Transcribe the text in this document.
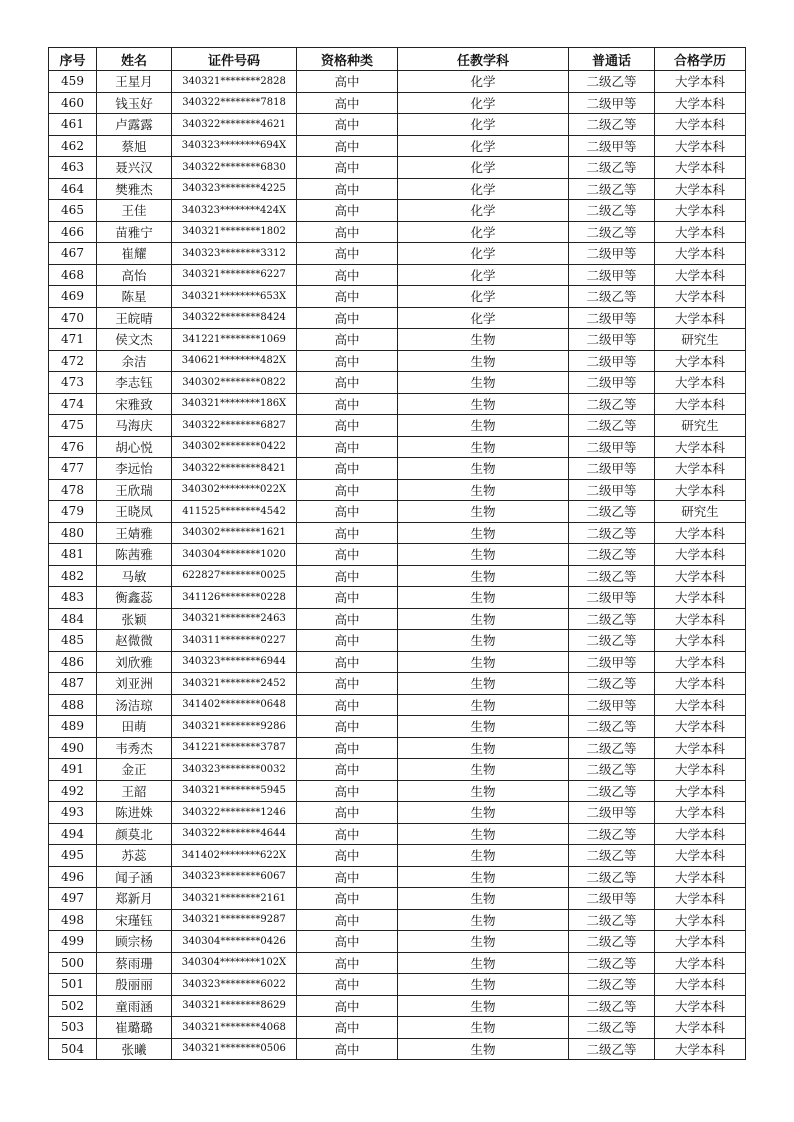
序号	姓名	证件号码	资格种类	任教学科	普通话	合格学历
459	王星月	340321********2828	高中	化学	二级乙等	大学本科
460	钱玉好	340322********7818	高中	化学	二级甲等	大学本科
461	卢露露	340322********4621	高中	化学	二级乙等	大学本科
462	蔡旭	340323********694X	高中	化学	二级甲等	大学本科
463	聂兴汉	340322********6830	高中	化学	二级乙等	大学本科
464	樊雅杰	340323********4225	高中	化学	二级乙等	大学本科
465	王佳	340323********424X	高中	化学	二级乙等	大学本科
466	苗雅宁	340321********1802	高中	化学	二级乙等	大学本科
467	崔耀	340323********3312	高中	化学	二级甲等	大学本科
468	高怡	340321********6227	高中	化学	二级甲等	大学本科
469	陈星	340321********653X	高中	化学	二级乙等	大学本科
470	王皖晴	340322********8424	高中	化学	二级甲等	大学本科
471	侯文杰	341221********1069	高中	生物	二级甲等	研究生
472	余洁	340621********482X	高中	生物	二级甲等	大学本科
473	李志钰	340302********0822	高中	生物	二级甲等	大学本科
474	宋雅致	340321********186X	高中	生物	二级乙等	大学本科
475	马海庆	340322********6827	高中	生物	二级乙等	研究生
476	胡心悦	340302********0422	高中	生物	二级甲等	大学本科
477	李远怡	340322********8421	高中	生物	二级甲等	大学本科
478	王欣瑞	340302********022X	高中	生物	二级甲等	大学本科
479	王晓凤	411525********4542	高中	生物	二级乙等	研究生
480	王婧雅	340302********1621	高中	生物	二级乙等	大学本科
481	陈茜雅	340304********1020	高中	生物	二级乙等	大学本科
482	马敏	622827********0025	高中	生物	二级乙等	大学本科
483	衡鑫蕊	341126********0228	高中	生物	二级甲等	大学本科
484	张颖	340321********2463	高中	生物	二级乙等	大学本科
485	赵微微	340311********0227	高中	生物	二级乙等	大学本科
486	刘欣雅	340323********6944	高中	生物	二级甲等	大学本科
487	刘亚洲	340321********2452	高中	生物	二级乙等	大学本科
488	汤洁琼	341402********0648	高中	生物	二级甲等	大学本科
489	田萌	340321********9286	高中	生物	二级乙等	大学本科
490	韦秀杰	341221********3787	高中	生物	二级乙等	大学本科
491	金正	340323********0032	高中	生物	二级乙等	大学本科
492	王韶	340321********5945	高中	生物	二级乙等	大学本科
493	陈进姝	340322********1246	高中	生物	二级甲等	大学本科
494	颜莫北	340322********4644	高中	生物	二级乙等	大学本科
495	苏蕊	341402********622X	高中	生物	二级乙等	大学本科
496	闻子涵	340323********6067	高中	生物	二级乙等	大学本科
497	郑新月	340321********2161	高中	生物	二级甲等	大学本科
498	宋瑾钰	340321********9287	高中	生物	二级乙等	大学本科
499	顾宗杨	340304********0426	高中	生物	二级乙等	大学本科
500	蔡雨珊	340304********102X	高中	生物	二级乙等	大学本科
501	殷丽丽	340323********6022	高中	生物	二级乙等	大学本科
502	童雨涵	340321********8629	高中	生物	二级乙等	大学本科
503	崔璐璐	340321********4068	高中	生物	二级乙等	大学本科
504	张曦	340321********0506	高中	生物	二级乙等	大学本科
